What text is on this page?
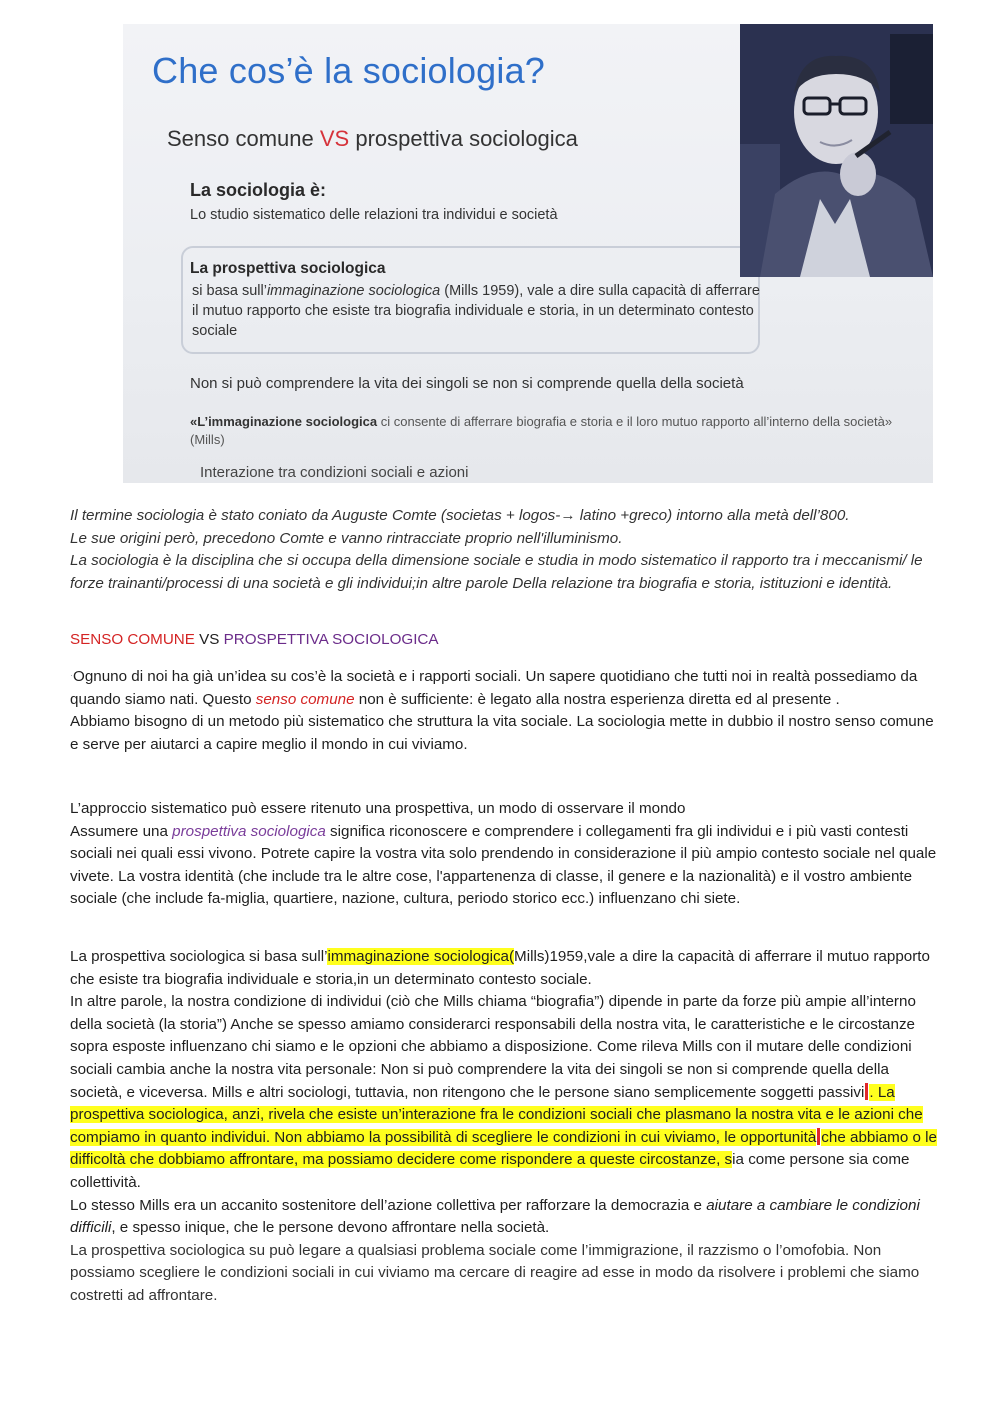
Che cos’è la sociologia?
Senso comune VS prospettiva sociologica
La sociologia è:
Lo studio sistematico delle relazioni tra individui e società
La prospettiva sociologica
si basa sull’immaginazione sociologica (Mills 1959), vale a dire sulla capacità di afferrare il mutuo rapporto che esiste tra biografia individuale e storia, in un determinato contesto sociale
Non si può comprendere la vita dei singoli se non si comprende quella della società
«L’immaginazione sociologica ci consente di afferrare biografia e storia e il loro mutuo rapporto all’interno della società» (Mills)
Interazione tra condizioni sociali e azioni

Il termine sociologia è stato coniato da Auguste Comte (societas + logos-→ latino +greco) intorno alla metà dell’800.

Le sue origini però, precedono Comte e vanno rintracciate proprio nell'illuminismo.

La sociologia è la disciplina che si occupa della dimensione sociale e studia in modo sistematico il rapporto tra i meccanismi/ le forze trainanti/processi di una società e gli individui;in altre parole Della relazione tra biografia e storia, istituzioni e identità.

SENSO COMUNE VS PROSPETTIVA SOCIOLOGICA

·Ognuno di noi ha già un’idea su cos’è la società e i rapporti sociali. Un sapere quotidiano che tutti noi in realtà possediamo da quando siamo nati. Questo senso comune non è sufficiente: è legato alla nostra esperienza diretta ed al presente .

Abbiamo bisogno di un metodo più sistematico che struttura la vita sociale. La sociologia mette in dubbio il nostro senso comune e serve per aiutarci a capire meglio il mondo in cui viviamo.

L’approccio sistematico può essere ritenuto una prospettiva, un modo di osservare il mondo

Assumere una prospettiva sociologica significa riconoscere e comprendere i collegamenti fra gli individui e i più vasti contesti sociali nei quali essi vivono. Potrete capire la vostra vita solo prendendo in considerazione il più ampio contesto sociale nel quale vivete. La vostra identità (che include tra le altre cose, l'appartenenza di classe, il genere e la nazionalità) e il vostro ambiente sociale (che include fa-miglia, quartiere, nazione, cultura, periodo storico ecc.) influenzano chi siete.

La prospettiva sociologica si basa sull’immaginazione sociologica(Mills)1959,vale a dire la capacità di afferrare il mutuo rapporto che esiste tra biografia individuale e storia,in un determinato contesto sociale.

In altre parole, la nostra condizione di individui (ciò che Mills chiama “biografia”) dipende in parte da forze più ampie all’interno della società (la storia”) Anche se spesso amiamo considerarci responsabili della nostra vita, le caratteristiche e le circostanze sopra esposte influenzano chi siamo e le opzioni che abbiamo a disposizione. Come rileva Mills con il mutare delle condizioni sociali cambia anche la nostra vita personale: Non si può comprendere la vita dei singoli se non si comprende quella della società, e viceversa. Mills e altri sociologi, tuttavia, non ritengono che le persone siano semplicemente soggetti passivi . La prospettiva sociologica, anzi, rivela che esiste un’interazione fra le condizioni sociali che plasmano la nostra vita e le azioni che compiamo in quanto individui. Non abbiamo la possibilità di scegliere le condizioni in cui viviamo, le opportunità che abbiamo o le difficoltà che dobbiamo affrontare, ma possiamo decidere come rispondere a queste circostanze, sia come persone sia come collettività.

Lo stesso Mills era un accanito sostenitore dell’azione collettiva per rafforzare la democrazia e aiutare a cambiare le condizioni difficili, e spesso inique, che le persone devono affrontare nella società.

La prospettiva sociologica su può legare a qualsiasi problema sociale come l’immigrazione, il razzismo o l’omofobia. Non possiamo scegliere le condizioni sociali in cui viviamo ma cercare di reagire ad esse in modo da risolvere i problemi che siamo costretti ad affrontare.
